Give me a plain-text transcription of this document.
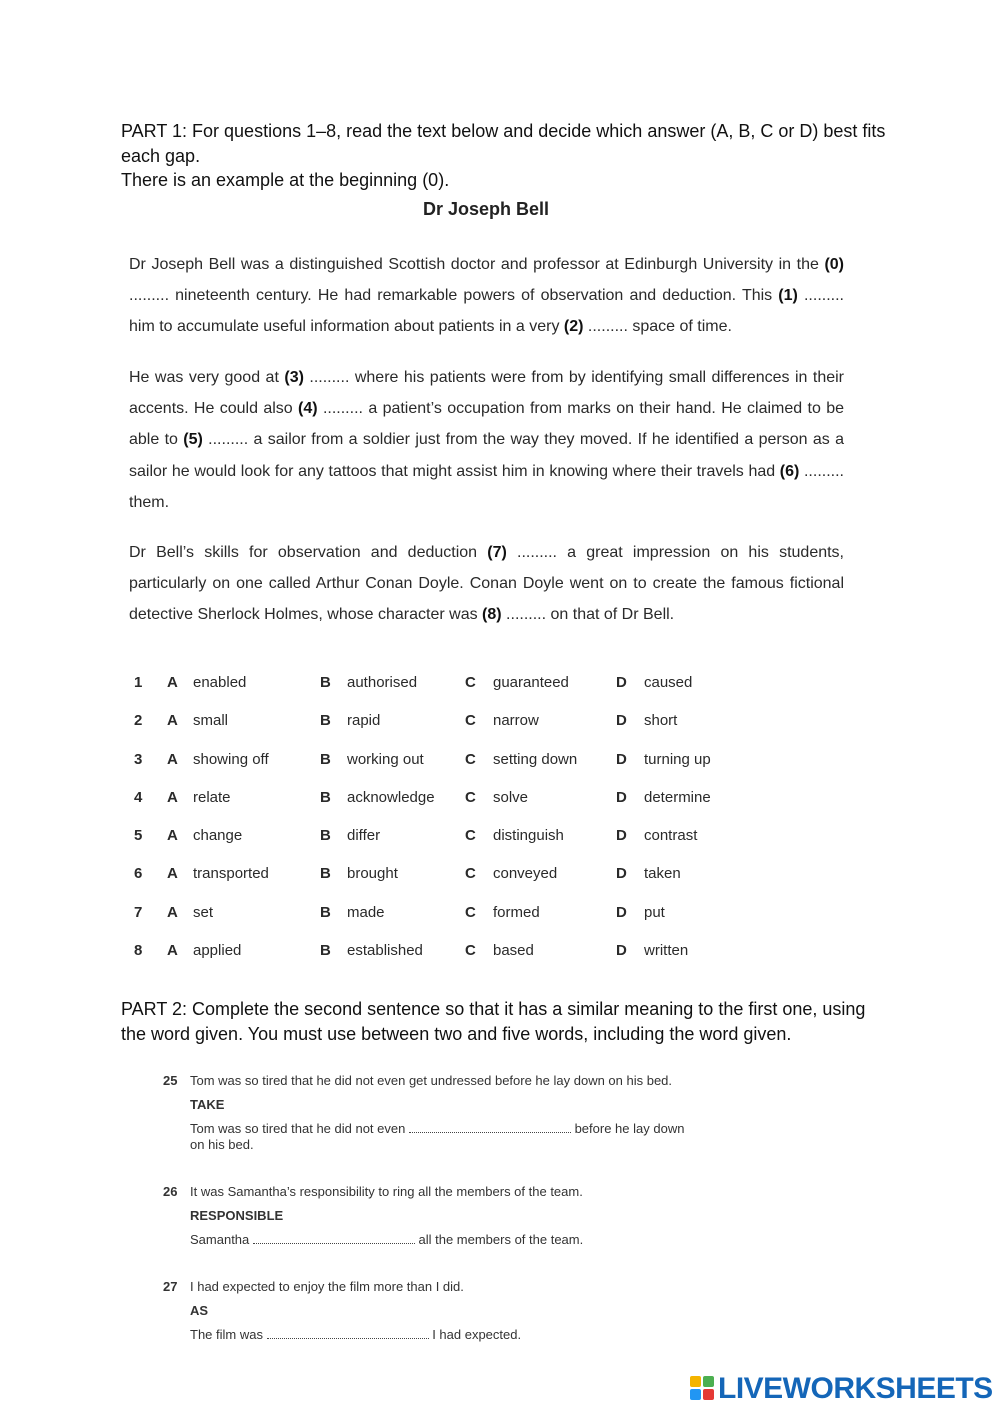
PART 1: For questions 1–8, read the text below and decide which answer (A, B, C or D) best fits each gap.
There is an example at the beginning (0).
Dr Joseph Bell
Dr Joseph Bell was a distinguished Scottish doctor and professor at Edinburgh University in the (0) ......... nineteenth century. He had remarkable powers of observation and deduction. This (1) ......... him to accumulate useful information about patients in a very (2) ......... space of time.
He was very good at (3) ......... where his patients were from by identifying small differences in their accents. He could also (4) ......... a patient’s occupation from marks on their hand. He claimed to be able to (5) ......... a sailor from a soldier just from the way they moved. If he identified a person as a sailor he would look for any tattoos that might assist him in knowing where their travels had (6) ......... them.
Dr Bell’s skills for observation and deduction (7) ......... a great impression on his students, particularly on one called Arthur Conan Doyle. Conan Doyle went on to create the famous fictional detective Sherlock Holmes, whose character was (8) ......... on that of Dr Bell.
1 A enabled	B authorised	C guaranteed	D caused
2 A small	B rapid	C narrow	D short
3 A showing off	B working out	C setting down	D turning up
4 A relate	B acknowledge C solve	D determine
5 A change	B differ	C distinguish	D contrast
6 A transported	B brought	C conveyed	D taken
7 A set	B made	C formed	D put
8 A applied	B established	C based	D written
PART 2: Complete the second sentence so that it has a similar meaning to the first one, using the word given. You must use between two and five words, including the word given.
25 Tom was so tired that he did not even get undressed before he lay down on his bed.
TAKE
Tom was so tired that he did not even	before he lay down on his bed.
26 It was Samantha’s responsibility to ring all the members of the team.
RESPONSIBLE
Samantha	all the members of the team.
27 I had expected to enjoy the film more than I did.
AS
The film was	I had expected.
LIVEWORKSHEETS
